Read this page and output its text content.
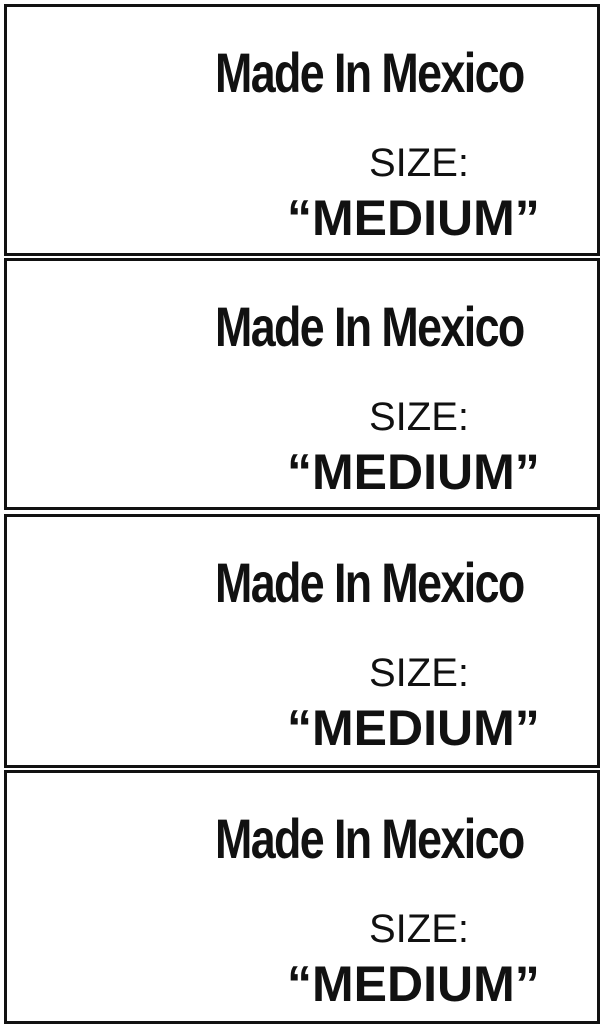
Made In Mexico
SIZE:
“MEDIUM”
Made In Mexico
SIZE:
“MEDIUM”
Made In Mexico
SIZE:
“MEDIUM”
Made In Mexico
SIZE:
“MEDIUM”
